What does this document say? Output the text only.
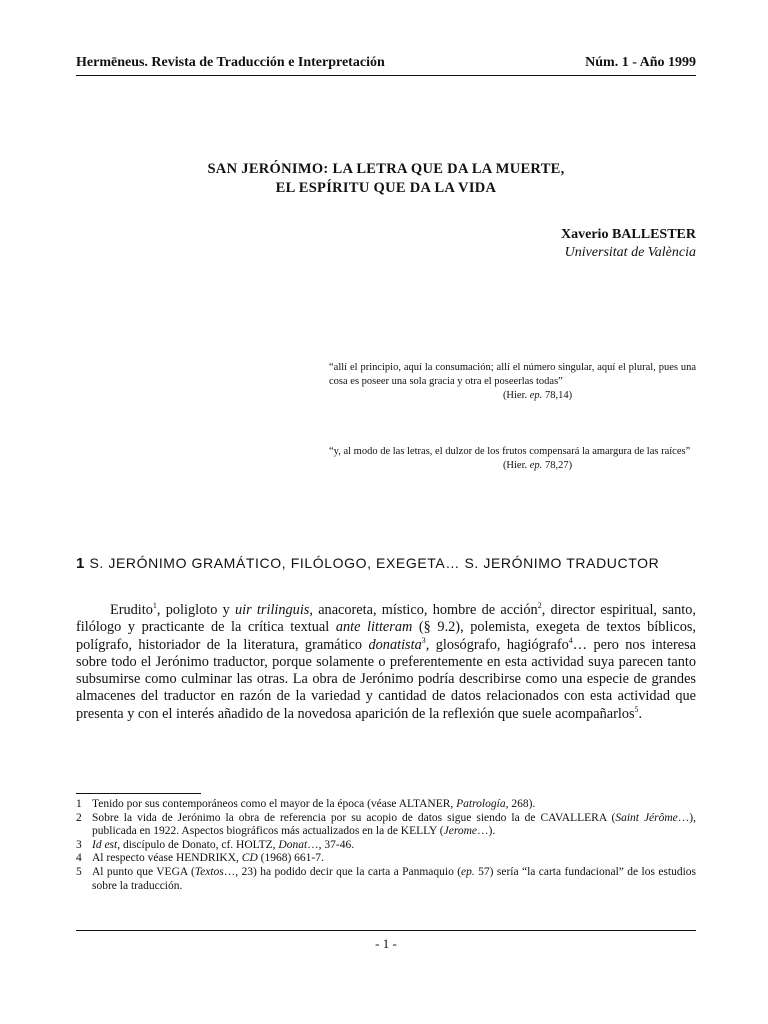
Hermēneus. Revista de Traducción e Interpretación	Núm. 1 - Año 1999
SAN JERÓNIMO: LA LETRA QUE DA LA MUERTE,
EL ESPÍRITU QUE DA LA VIDA
Xaverio BALLESTER
Universitat de València
“allí el principio, aquí la consumación; allí el número singular, aquí el plural, pues una cosa es poseer una sola gracia y otra el poseerlas todas”
(Hier. ep. 78,14)
“y, al modo de las letras, el dulzor de los frutos compensará la amargura de las raíces”
(Hier. ep. 78,27)
1 S. JERÓNIMO GRAMÁTICO, FILÓLOGO, EXEGETA… S. JERÓNIMO TRADUCTOR
Erudito$^1$, poligloto y uir trilinguis, anacoreta, místico, hombre de acción$^2$, director espiritual, santo, filólogo y practicante de la crítica textual ante litteram (§ 9.2), polemista, exegeta de textos bíblicos, polígrafo, historiador de la literatura, gramático donatista$^3$, glosógrafo, hagiógrafo$^4$… pero nos interesa sobre todo el Jerónimo traductor, porque solamente o preferentemente en esta actividad suya parecen tanto subsumirse como culminar las otras. La obra de Jerónimo podría describirse como una especie de grandes almacenes del traductor en razón de la variedad y cantidad de datos relacionados con esta actividad que presenta y con el interés añadido de la novedosa aparición de la reflexión que suele acompañarlos$^5$.
1 Tenido por sus contemporáneos como el mayor de la época (véase ALTANER, Patrología, 268).
2 Sobre la vida de Jerónimo la obra de referencia por su acopio de datos sigue siendo la de CAVALLERA (Saint Jérôme…), publicada en 1922. Aspectos biográficos más actualizados en la de KELLY (Jerome…).
3 Id est, discípulo de Donato, cf. HOLTZ, Donat…, 37-46.
4 Al respecto véase HENDRIKX, CD (1968) 661-7.
5 Al punto que VEGA (Textos…, 23) ha podido decir que la carta a Panmaquio (ep. 57) sería “la carta fundacional” de los estudios sobre la traducción.
- 1 -
